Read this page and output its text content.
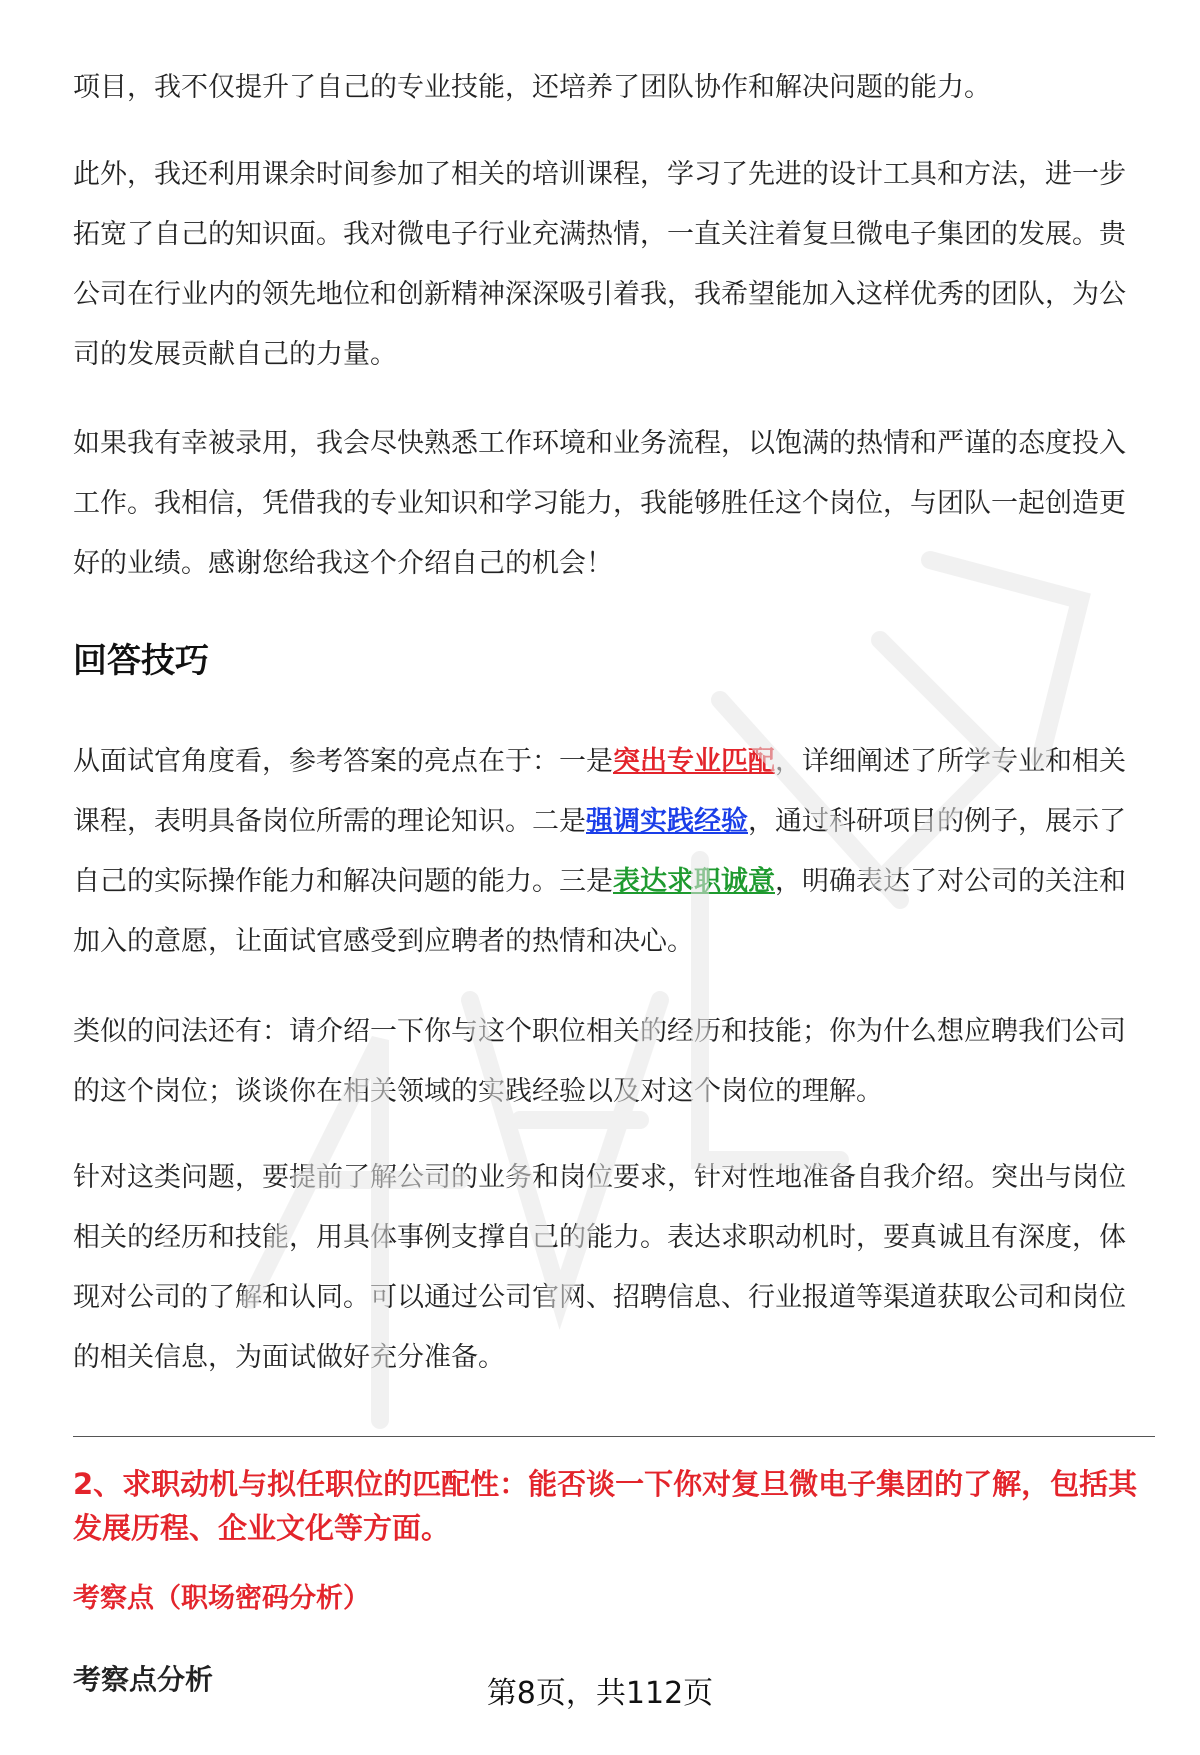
项目，我不仅提升了自己的专业技能，还培养了团队协作和解决问题的能力。

此外，我还利用课余时间参加了相关的培训课程，学习了先进的设计工具和方法，进一步拓宽了自己的知识面。我对微电子行业充满热情，一直关注着复旦微电子集团的发展。贵公司在行业内的领先地位和创新精神深深吸引着我，我希望能加入这样优秀的团队，为公司的发展贡献自己的力量。

如果我有幸被录用，我会尽快熟悉工作环境和业务流程，以饱满的热情和严谨的态度投入工作。我相信，凭借我的专业知识和学习能力，我能够胜任这个岗位，与团队一起创造更好的业绩。感谢您给我这个介绍自己的机会！

回答技巧

从面试官角度看，参考答案的亮点在于：一是突出专业匹配，详细阐述了所学专业和相关课程，表明具备岗位所需的理论知识。二是强调实践经验，通过科研项目的例子，展示了自己的实际操作能力和解决问题的能力。三是表达求职诚意，明确表达了对公司的关注和加入的意愿，让面试官感受到应聘者的热情和决心。

类似的问法还有：请介绍一下你与这个职位相关的经历和技能；你为什么想应聘我们公司的这个岗位；谈谈你在相关领域的实践经验以及对这个岗位的理解。

针对这类问题，要提前了解公司的业务和岗位要求，针对性地准备自我介绍。突出与岗位相关的经历和技能，用具体事例支撑自己的能力。表达求职动机时，要真诚且有深度，体现对公司的了解和认同。可以通过公司官网、招聘信息、行业报道等渠道获取公司和岗位的相关信息，为面试做好充分准备。

2、求职动机与拟任职位的匹配性：能否谈一下你对复旦微电子集团的了解，包括其发展历程、企业文化等方面。

考察点（职场密码分析）

考察点分析	第8页，共112页
